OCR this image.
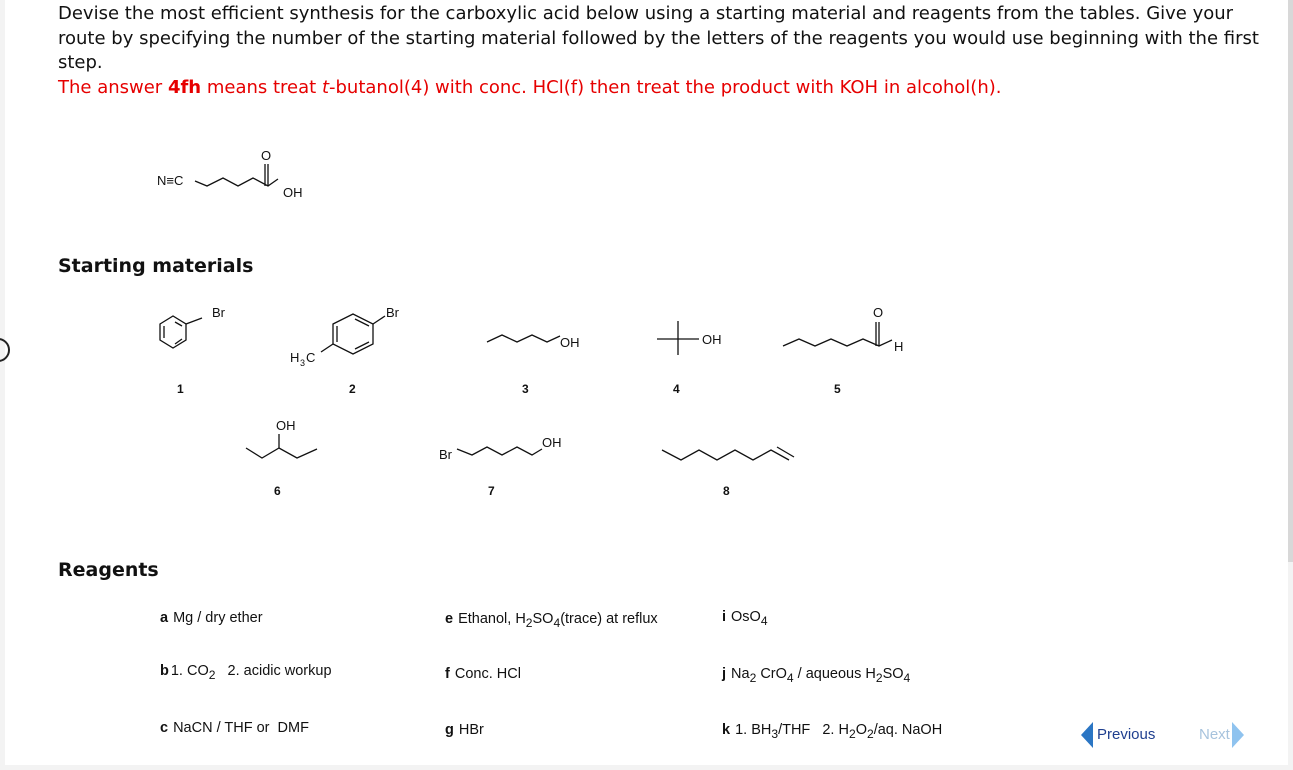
Devise the most efficient synthesis for the carboxylic acid below using a starting material and reagents from the tables. Give your route by specifying the number of the starting material followed by the letters of the reagents you would use beginning with the first step.
The answer 4fh means treat t-butanol(4) with conc. HCl(f) then treat the product with KOH in alcohol(h).
N≡C
O
OH
Starting materials
Br
1
Br
H 3 C
2
OH
3
OH
4
O
H
5
OH
6
Br
OH
7	8
Reagents
a Mg / dry ether
b 1. $CO_2$   2. acidic workup
c NaCN / THF or  DMF
e Ethanol, $H_2SO_4(trace)$ at reflux
f Conc. HCl
g HBr
i OsO$_4$
j $Na_2$ CrO$_4$ / aqueous $H_2SO_4$
k 1. $BH_3$/THF   2. $H_2O_2/aq$. NaOH	Previous	Next
